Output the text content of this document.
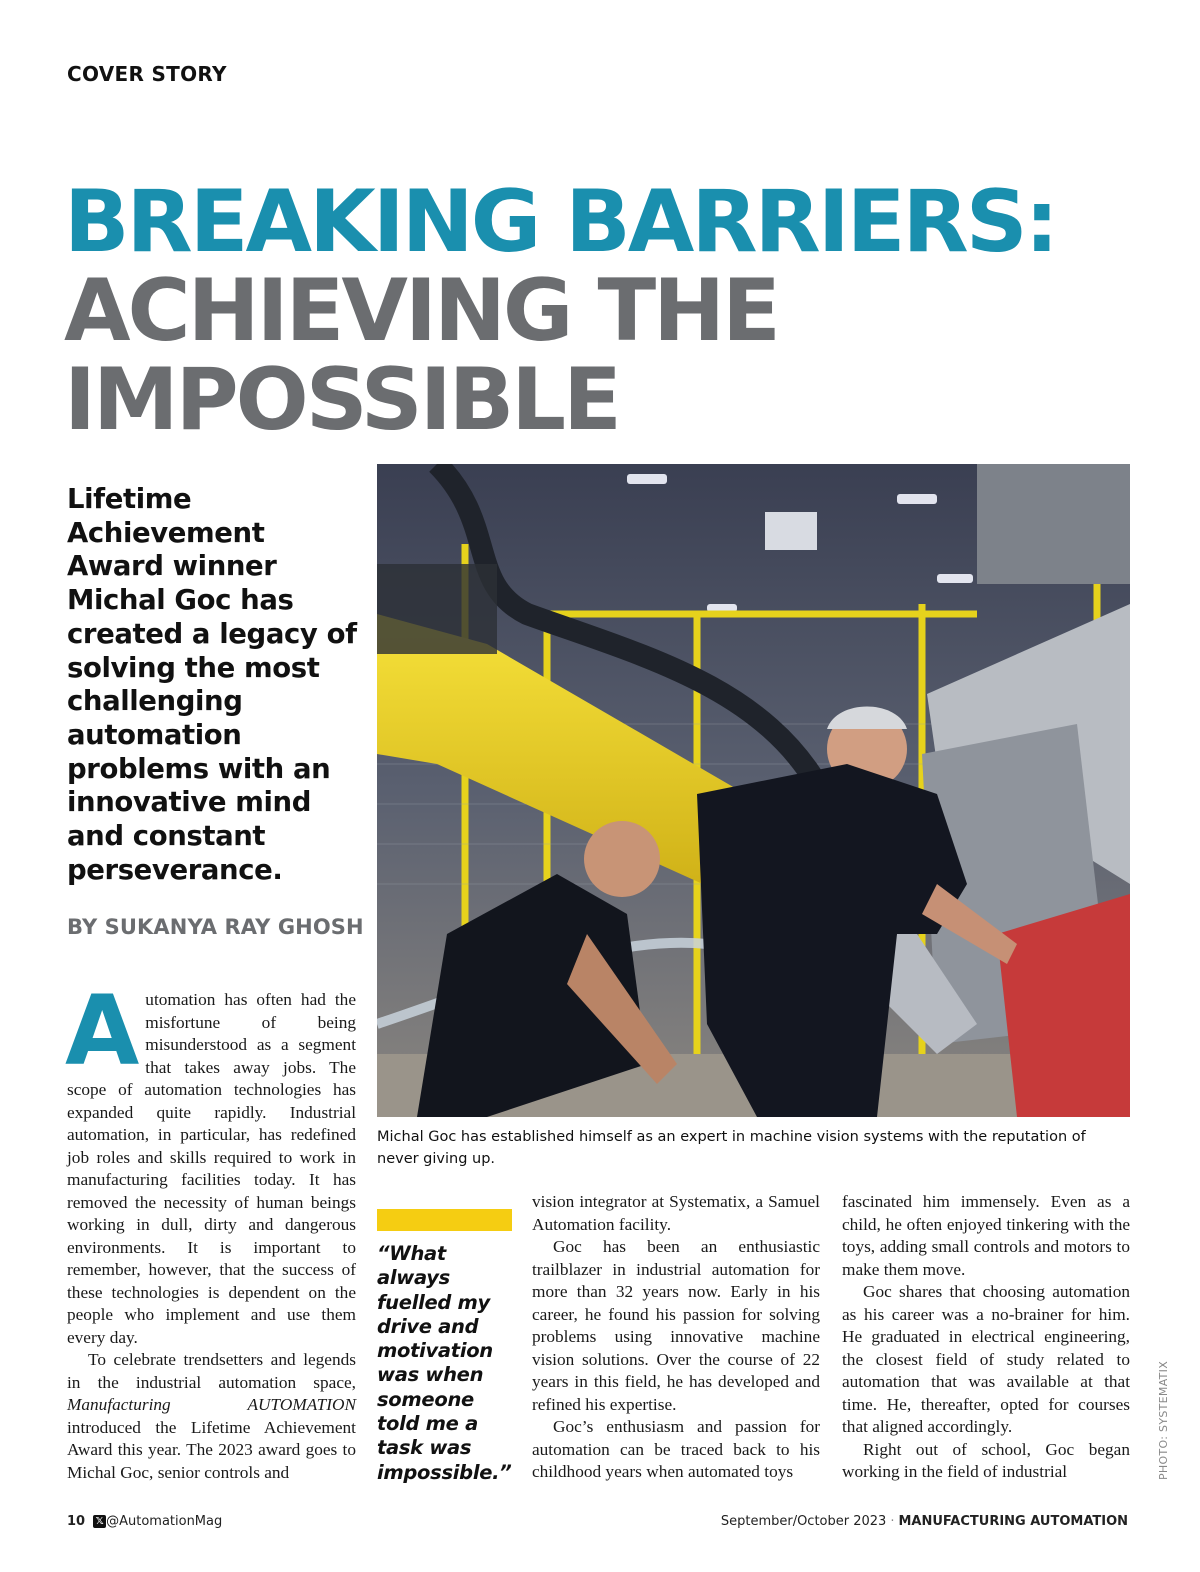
COVER STORY
BREAKING BARRIERS:
ACHIEVING THE IMPOSSIBLE

Lifetime Achievement Award winner Michal Goc has created a legacy of solving the most challenging automation problems with an innovative mind and constant perseverance.

BY SUKANYA RAY GHOSH

Michal Goc has established himself as an expert in machine vision systems with the reputation of never giving up.

Automation has often had the misfortune of being misunderstood as a segment that takes away jobs. The scope of automation technologies has expanded quite rapidly. Industrial automation, in particular, has redefined job roles and skills required to work in manufacturing facilities today. It has removed the necessity of human beings working in dull, dirty and dangerous environments. It is important to remember, however, that the success of these technologies is dependent on the people who implement and use them every day.

To celebrate trendsetters and legends in the industrial automation space, Manufacturing AUTOMATION introduced the Lifetime Achievement Award this year. The 2023 award goes to Michal Goc, senior controls and

“What always fuelled my drive and motivation was when someone told me a task was impossible.”

vision integrator at Systematix, a Samuel Automation facility.

Goc has been an enthusiastic trailblazer in industrial automation for more than 32 years now. Early in his career, he found his passion for solving problems using innovative machine vision solutions. Over the course of 22 years in this field, he has developed and refined his expertise.

Goc’s enthusiasm and passion for automation can be traced back to his childhood years when automated toys

fascinated him immensely. Even as a child, he often enjoyed tinkering with the toys, adding small controls and motors to make them move.

Goc shares that choosing automation as his career was a no-brainer for him. He graduated in electrical engineering, the closest field of study related to automation that was available at that time. He, thereafter, opted for courses that aligned accordingly.

Right out of school, Goc began working in the field of industrial	PHOTO: SYSTEMATIX
10 𝕏 @AutomationMag	September/October 2023 · MANUFACTURING AUTOMATION
